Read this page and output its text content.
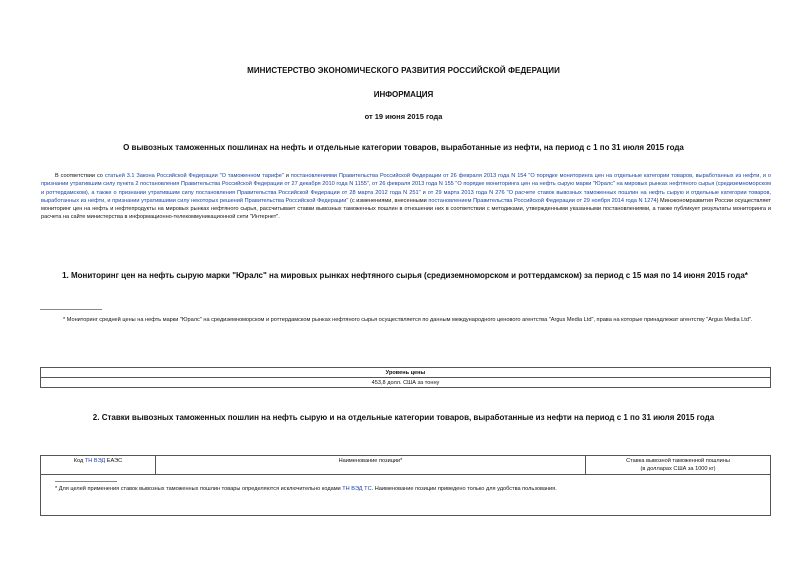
МИНИСТЕРСТВО ЭКОНОМИЧЕСКОГО РАЗВИТИЯ РОССИЙСКОЙ ФЕДЕРАЦИИ
ИНФОРМАЦИЯ
от 19 июня 2015 года
О вывозных таможенных пошлинах на нефть и отдельные категории товаров, выработанные из нефти, на период с 1 по 31 июля 2015 года
В соответствии со статьей 3.1 Закона Российской Федерации "О таможенном тарифе" и постановлениями Правительства Российской Федерации от 26 февраля 2013 года N 154 "О порядке мониторинга цен на отдельные категории товаров, выработанных из нефти, и о признании утратившим силу пункта 2 постановления Правительства Российской Федерации от 27 декабря 2010 года N 1155", от 26 февраля 2013 года N 155 "О порядке мониторинга цен на нефть сырую марки "Юралс" на мировых рынках нефтяного сырья (средиземноморском и роттердамском), а также о признании утратившим силу постановления Правительства Российской Федерации от 28 марта 2012 года N 251" и от 29 марта 2013 года N 276 "О расчете ставок вывозных таможенных пошлин на нефть сырую и отдельные категории товаров, выработанных из нефти, и признании утратившими силу некоторых решений Правительства Российской Федерации" (с изменениями, внесенными постановлением Правительства Российской Федерации от 29 ноября 2014 года N 1274) Минэкономразвития России осуществляет мониторинг цен на нефть и нефтепродукты на мировых рынках нефтяного сырья, рассчитывает ставки вывозных таможенных пошлин в отношении них в соответствии с методиками, утвержденными указанными постановлениями, а также публикует результаты мониторинга и расчета на сайте министерства в информационно-телекоммуникационной сети "Интернет".
1. Мониторинг цен на нефть сырую марки "Юралс" на мировых рынках нефтяного сырья (средиземноморском и роттердамском) за период с 15 мая по 14 июня 2015 года*
* Мониторинг средней цены на нефть марки "Юралс" на средиземноморском и роттердамском рынках нефтяного сырья осуществляется по данным международного ценового агентства "Argus Media Ltd", права на которые принадлежат агентству "Argus Media Ltd".
Уровень цены
453,8 долл. США за тонну
2. Ставки вывозных таможенных пошлин на нефть сырую и на отдельные категории товаров, выработанные из нефти на период с 1 по 31 июля 2015 года
Код ТН ВЭД ЕАЭС	Наименование позиции*	Ставка вывозной таможенной пошлины
(в долларах США за 1000 кг)

* Для целей применения ставок вывозных таможенных пошлин товары определяются исключительно кодами ТН ВЭД ТС. Наименование позиции приведено только для удобства пользования.
